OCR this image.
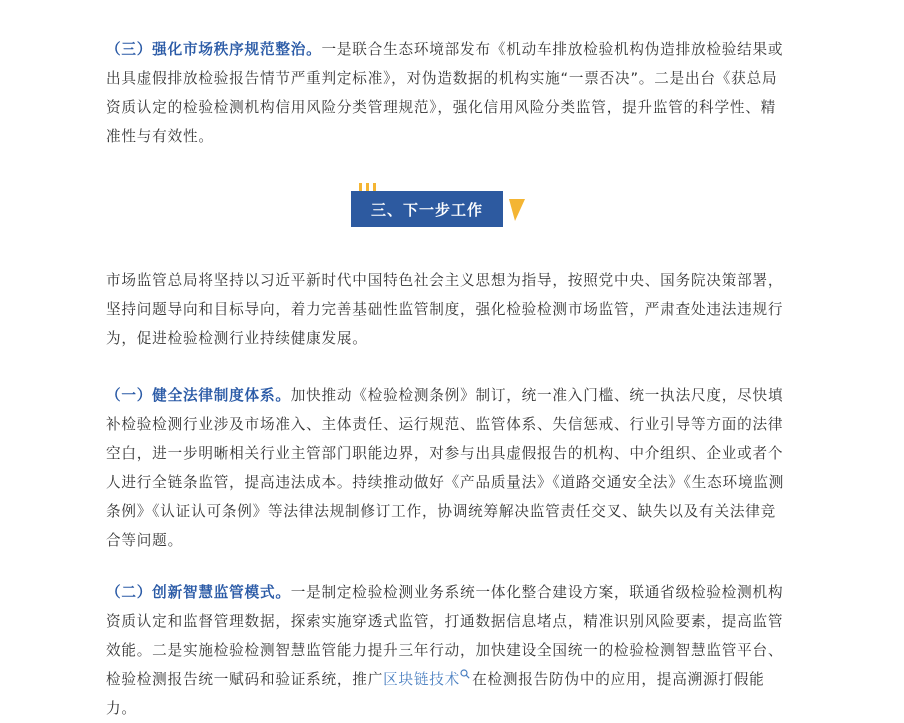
（三）强化市场秩序规范整治。一是联合生态环境部发布《机动车排放检验机构伪造排放检验结果或出具虚假排放检验报告情节严重判定标准》，对伪造数据的机构实施“一票否决”。二是出台《获总局资质认定的检验检测机构信用风险分类管理规范》，强化信用风险分类监管，提升监管的科学性、精准性与有效性。

三、下一步工作

市场监管总局将坚持以习近平新时代中国特色社会主义思想为指导，按照党中央、国务院决策部署，坚持问题导向和目标导向，着力完善基础性监管制度，强化检验检测市场监管，严肃查处违法违规行为，促进检验检测行业持续健康发展。

（一）健全法律制度体系。加快推动《检验检测条例》制订，统一准入门槛、统一执法尺度，尽快填补检验检测行业涉及市场准入、主体责任、运行规范、监管体系、失信惩戒、行业引导等方面的法律空白，进一步明晰相关行业主管部门职能边界，对参与出具虚假报告的机构、中介组织、企业或者个人进行全链条监管，提高违法成本。持续推动做好《产品质量法》《道路交通安全法》《生态环境监测条例》《认证认可条例》等法律法规制修订工作，协调统筹解决监管责任交叉、缺失以及有关法律竞合等问题。

（二）创新智慧监管模式。一是制定检验检测业务系统一体化整合建设方案，联通省级检验检测机构资质认定和监督管理数据，探索实施穿透式监管，打通数据信息堵点，精准识别风险要素，提高监管效能。二是实施检验检测智慧监管能力提升三年行动，加快建设全国统一的检验检测智慧监管平台、检验检测报告统一赋码和验证系统，推广区块链技术 在检测报告防伪中的应用，提高溯源打假能力。
